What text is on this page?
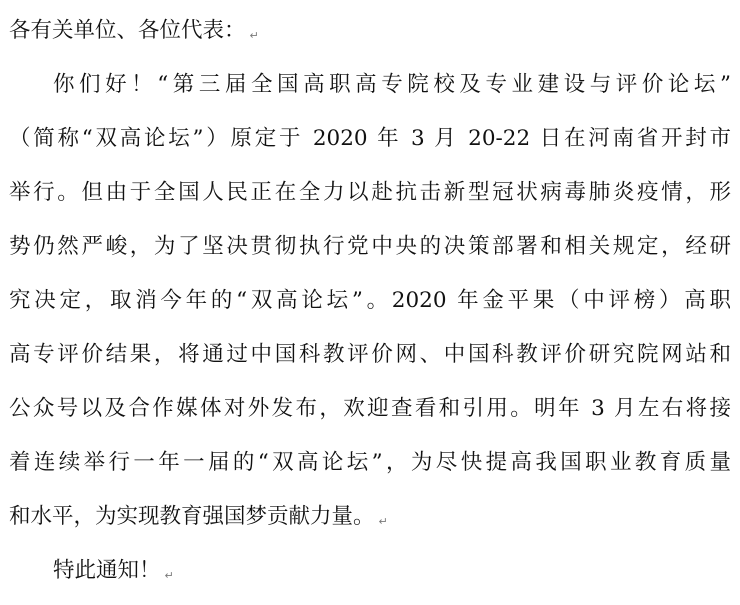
各有关单位、各位代表： ↵
你们好！“第三届全国高职高专院校及专业建设与评价论坛”
（简称“双高论坛”）原定于 2020 年 3 月 20-22 日在河南省开封市
举行。但由于全国人民正在全力以赴抗击新型冠状病毒肺炎疫情，形
势仍然严峻，为了坚决贯彻执行党中央的决策部署和相关规定，经研
究决定，取消今年的“双高论坛”。2020 年金平果（中评榜）高职
高专评价结果，将通过中国科教评价网、中国科教评价研究院网站和
公众号以及合作媒体对外发布，欢迎查看和引用。明年 3 月左右将接
着连续举行一年一届的“双高论坛”，为尽快提高我国职业教育质量
和水平，为实现教育强国梦贡献力量。 ↵
特此通知！ ↵
